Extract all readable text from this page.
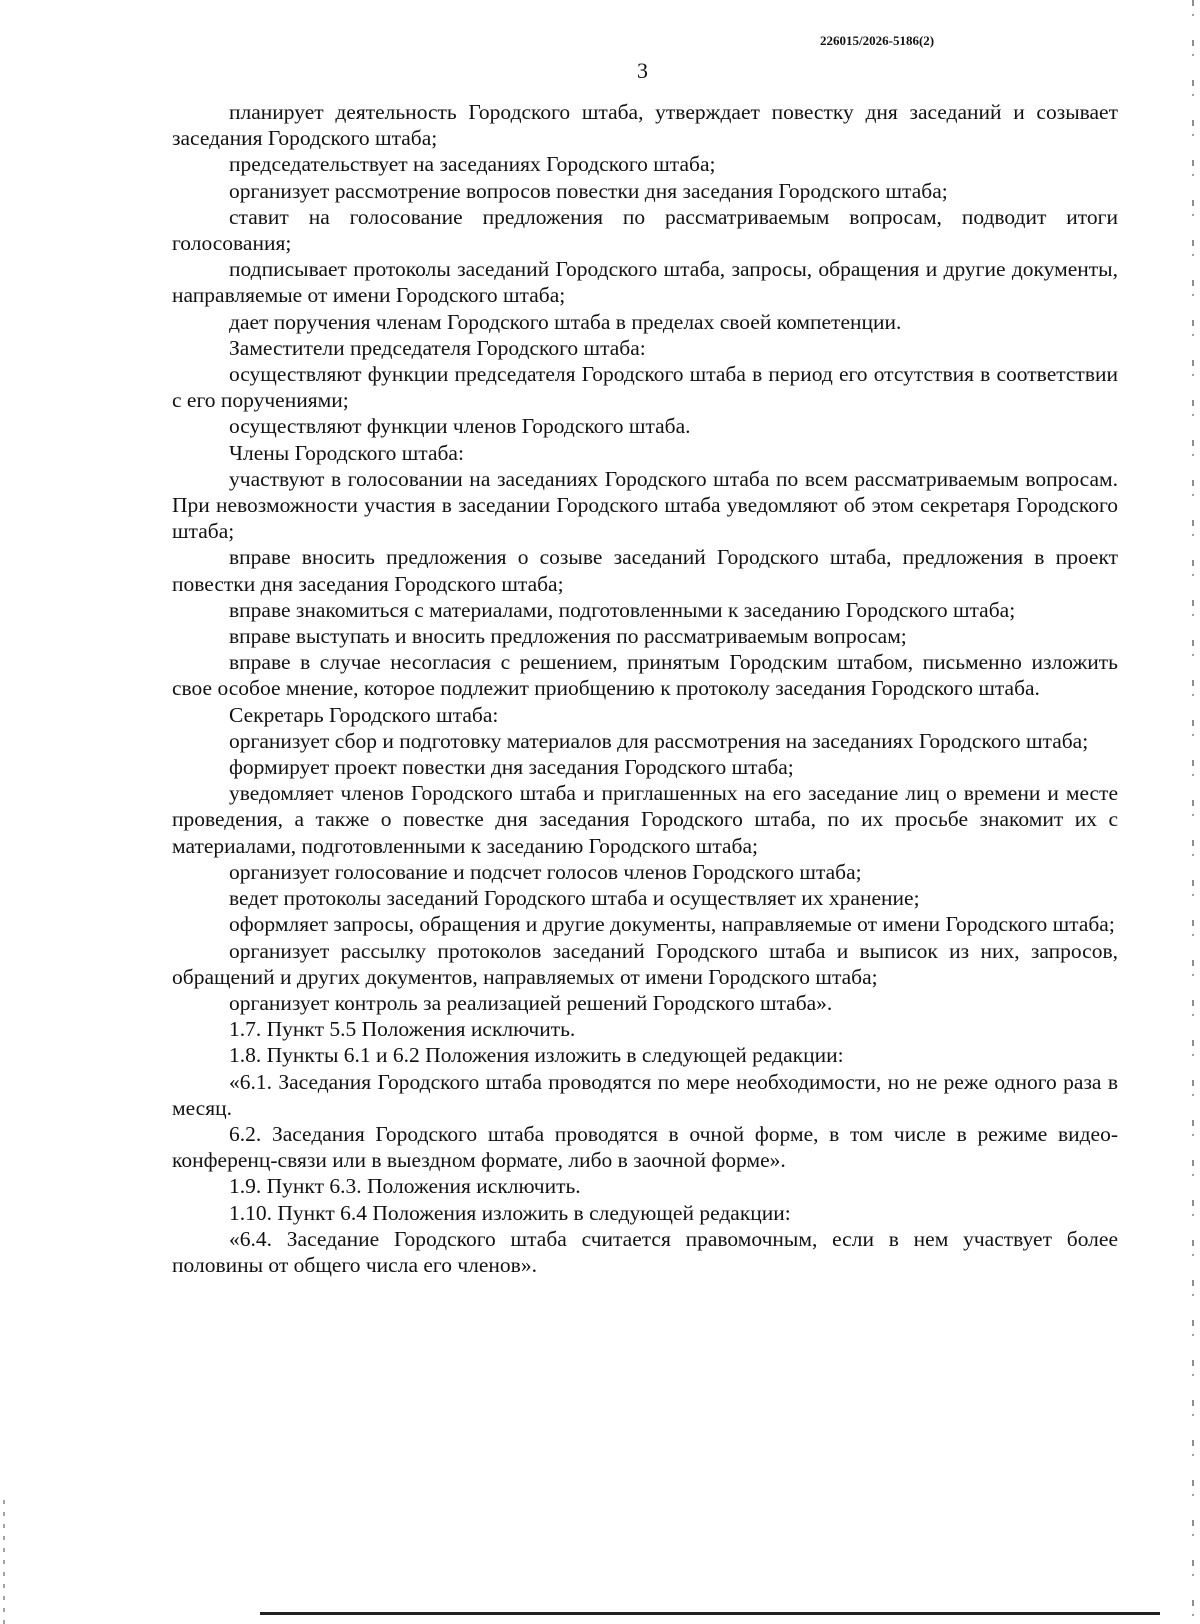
226015/2026-5186(2)
3

планирует деятельность Городского штаба, утверждает повестку дня заседаний и созывает заседания Городского штаба;

председательствует на заседаниях Городского штаба;

организует рассмотрение вопросов повестки дня заседания Городского штаба;

ставит на голосование предложения по рассматриваемым вопросам, подводит итоги голосования;

подписывает протоколы заседаний Городского штаба, запросы, обращения и другие документы, направляемые от имени Городского штаба;

дает поручения членам Городского штаба в пределах своей компетенции.

Заместители председателя Городского штаба:

осуществляют функции председателя Городского штаба в период его отсутствия в соответствии с его поручениями;

осуществляют функции членов Городского штаба.

Члены Городского штаба:

участвуют в голосовании на заседаниях Городского штаба по всем рассматриваемым вопросам. При невозможности участия в заседании Городского штаба уведомляют об этом секретаря Городского штаба;

вправе вносить предложения о созыве заседаний Городского штаба, предложения в проект повестки дня заседания Городского штаба;

вправе знакомиться с материалами, подготовленными к заседанию Городского штаба;

вправе выступать и вносить предложения по рассматриваемым вопросам;

вправе в случае несогласия с решением, принятым Городским штабом, письменно изложить свое особое мнение, которое подлежит приобщению к протоколу заседания Городского штаба.

Секретарь Городского штаба:

организует сбор и подготовку материалов для рассмотрения на заседаниях Городского штаба;

формирует проект повестки дня заседания Городского штаба;

уведомляет членов Городского штаба и приглашенных на его заседание лиц о времени и месте проведения, а также о повестке дня заседания Городского штаба, по их просьбе знакомит их с материалами, подготовленными к заседанию Городского штаба;

организует голосование и подсчет голосов членов Городского штаба;

ведет протоколы заседаний Городского штаба и осуществляет их хранение;

оформляет запросы, обращения и другие документы, направляемые от имени Городского штаба;

организует рассылку протоколов заседаний Городского штаба и выписок из них, запросов, обращений и других документов, направляемых от имени Городского штаба;

организует контроль за реализацией решений Городского штаба».

1.7. Пункт 5.5 Положения исключить.

1.8. Пункты 6.1 и 6.2 Положения изложить в следующей редакции:

«6.1. Заседания Городского штаба проводятся по мере необходимости, но не реже одного раза в месяц.

6.2. Заседания Городского штаба проводятся в очной форме, в том числе в режиме видео-конференц-связи или в выездном формате, либо в заочной форме».

1.9. Пункт 6.3. Положения исключить.

1.10. Пункт 6.4 Положения изложить в следующей редакции:

«6.4. Заседание Городского штаба считается правомочным, если в нем участвует более половины от общего числа его членов».
